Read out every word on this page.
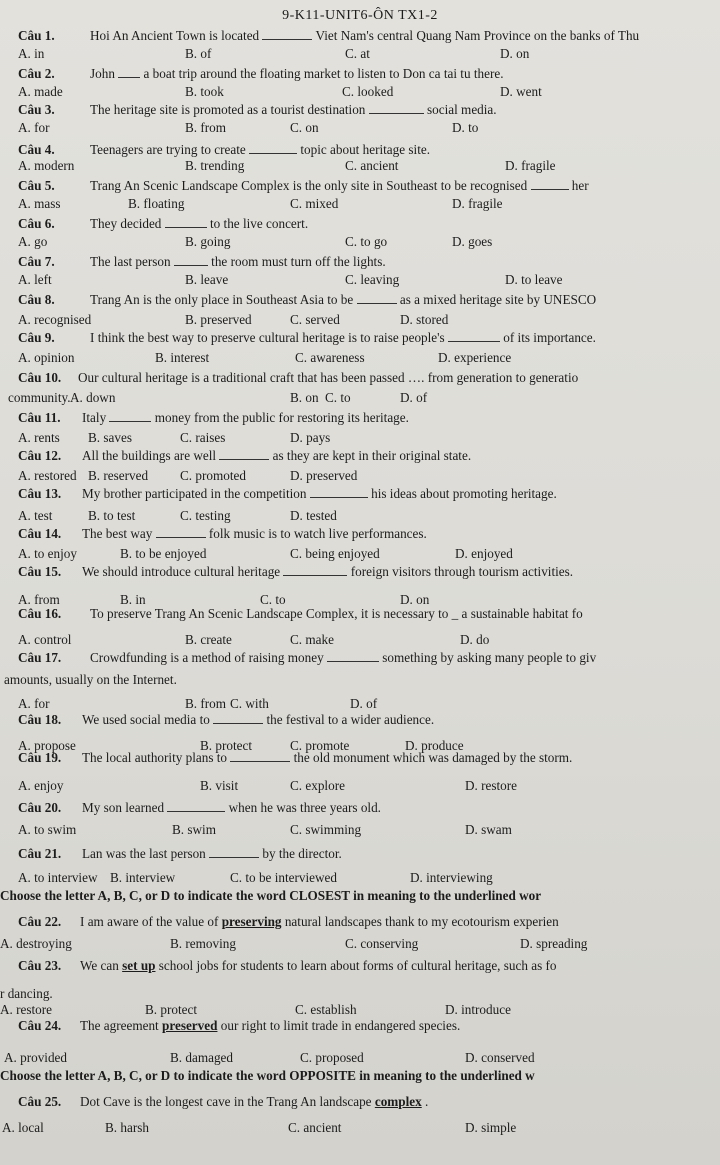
9-K11-UNIT6-ÔN TX1-2
Câu 1.	Hoi An Ancient Town is located	Viet Nam's central Quang Nam Province on the banks of Thu
A. in	B. of	C. at	D. on
Câu 2.	John  a boat trip around the floating market to listen to Don ca tai tu there.
A. made	B. took	C. looked	D. went
Câu 3.	The heritage site is promoted as a tourist destination	social media.
A. for	B. from	C. on	D. to
Câu 4.	Teenagers are trying to create	topic about heritage site.
A. modern	B. trending	C. ancient	D. fragile
Câu 5.	Trang An Scenic Landscape Complex is the only site in Southeast to be recognised	her
A. mass	B. floating	C. mixed	D. fragile
Câu 6.	They decided	to the live concert.
A. go	B. going	C. to go	D. goes
Câu 7.	The last person	the room must turn off the lights.
A. left	B. leave	C. leaving	D. to leave
Câu 8.	Trang An is the only place in Southeast Asia to be	as a mixed heritage site by UNESCO
A. recognised	B. preserved	C. served	D. stored
Câu 9.	I think the best way to preserve cultural heritage is to raise people's	of its importance.
A. opinion	B. interest	C. awareness	D. experience
Câu 10. Our cultural heritage is a traditional craft that has been passed …. from generation to generatio
community. A. down	B. on C. to	D. of
Câu 11. Italy	money from the public for restoring its heritage.
A. rents B. saves	C. raises	D. pays
Câu 12. All the buildings are well	as they are kept in their original state.
A. restored B. reserved C. promoted	D. preserved
Câu 13. My brother participated in the competition	his ideas about promoting heritage.
A. test	B. to test	C. testing	D. tested
Câu 14. The best way	folk music is to watch live performances.
A. to enjoy	B. to be enjoyed	C. being enjoyed	D. enjoyed
Câu 15. We should introduce cultural heritage	foreign visitors through tourism activities.
A. from	B. in	C. to	D. on
Câu 16. To preserve Trang An Scenic Landscape Complex, it is necessary to _ a sustainable habitat fo
A. control	B. create	C. make	D. do
Câu 17. Crowdfunding is a method of raising money	something by asking many people to giv
amounts, usually on the Internet.
A. for	B. from C. with	D. of
Câu 18. We used social media to	the festival to a wider audience.
A. propose	B. protect	C. promote	D. produce
Câu 19. The local authority plans to	the old monument which was damaged by the storm.
A. enjoy	B. visit	C. explore	D. restore
Câu 20. My son learned	when he was three years old.
A. to swim	B. swim	C. swimming	D. swam
Câu 21. Lan was the last person	by the director.
A. to interview B. interview	C. to be interviewed	D. interviewing
Choose the letter A, B, C, or D to indicate the word CLOSEST in meaning to the underlined wor
Câu 22. I am aware of the value of preserving natural landscapes thank to my ecotourism experien
A. destroying	B. removing	C. conserving	D. spreading
Câu 23. We can set up school jobs for students to learn about forms of cultural heritage, such as fo
r dancing.
A. restore	B. protect	C. establish	D. introduce
Câu 24. The agreement preserved our right to limit trade in endangered species.
A. provided	B. damaged	C. proposed	D. conserved
Choose the letter A, B, C, or D to indicate the word OPPOSITE in meaning to the underlined w
Câu 25. Dot Cave is the longest cave in the Trang An landscape complex .
A. local	B. harsh	C. ancient	D. simple
